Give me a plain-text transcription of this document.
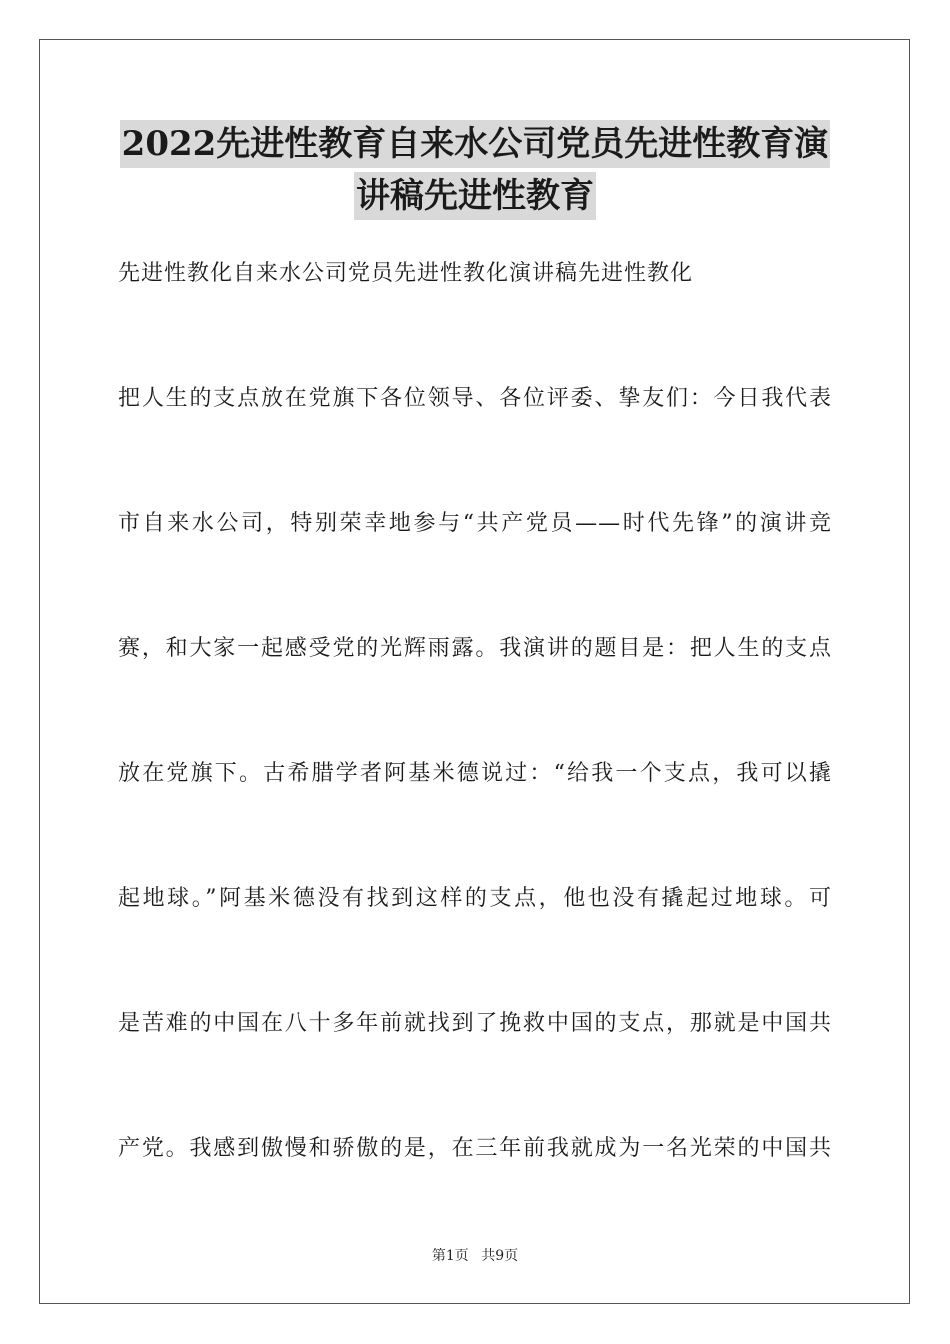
2022先进性教育自来水公司党员先进性教育演
讲稿先进性教育
先进性教化自来水公司党员先进性教化演讲稿先进性教化
把人生的支点放在党旗下各位领导、各位评委、挚友们：今日我代表
市自来水公司，特别荣幸地参与“共产党员——时代先锋”的演讲竞
赛，和大家一起感受党的光辉雨露。我演讲的题目是：把人生的支点
放在党旗下。古希腊学者阿基米德说过：“给我一个支点，我可以撬
起地球。”阿基米德没有找到这样的支点，他也没有撬起过地球。可
是苦难的中国在八十多年前就找到了挽救中国的支点，那就是中国共
产党。我感到傲慢和骄傲的是，在三年前我就成为一名光荣的中国共
第1页 共9页
